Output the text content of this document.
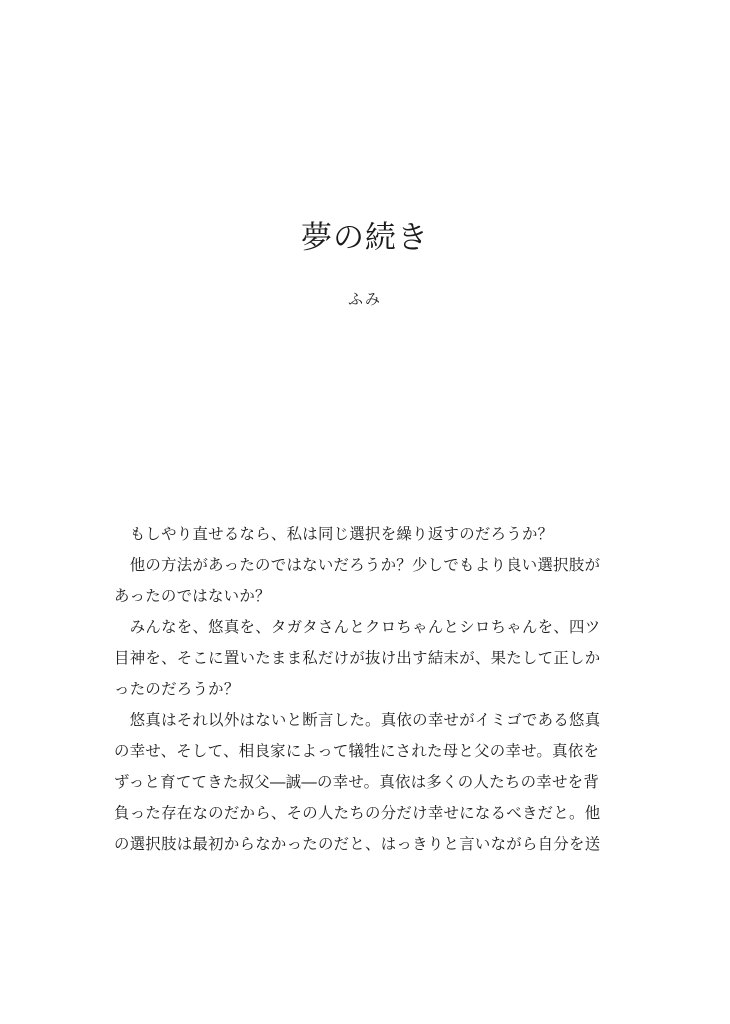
夢の続き

ふみ

　もしやり直せるなら、私は同じ選択を繰り返すのだろうか？
　他の方法があったのではないだろうか？少しでもより良い選択肢が
あったのではないか？
　みんなを、悠真を、タガタさんとクロちゃんとシロちゃんを、四ツ
目神を、そこに置いたまま私だけが抜け出す結末が、果たして正しか
ったのだろうか？
　悠真はそれ以外はないと断言した。真依の幸せがイミゴである悠真
の幸せ、そして、相良家によって犠牲にされた母と父の幸せ。真依を
ずっと育ててきた叔父―誠―の幸せ。真依は多くの人たちの幸せを背
負った存在なのだから、その人たちの分だけ幸せになるべきだと。他
の選択肢は最初からなかったのだと、はっきりと言いながら自分を送
